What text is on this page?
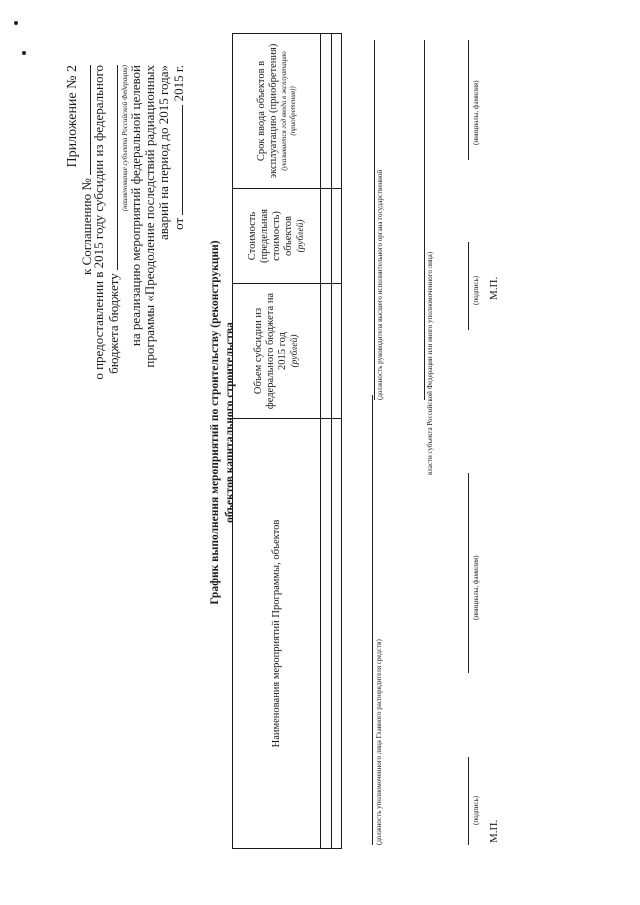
Приложение № 2
к Соглашению №
о предоставлении в 2015 году субсидии из федерального бюджета бюджету
(наименование субъекта Российской Федерации) на реализацию мероприятий федеральной целевой программы «Преодоление последствий радиационных аварий на период до 2015 года» от  2015 г.
График выполнения мероприятий по строительству (реконструкции) объектов капитального строительства
Наименования мероприятий Программы, объектов	Объем субсидии из федерального бюджета на 2015 год (рублей)	Стоимость (предельная стоимость) объектов (рублей)	Срок ввода объектов в эксплуатацию (приобретения) (указывается год ввода в эксплуатацию (приобретения))

(должность уполномоченного лица Главного распорядителя средств)	(подпись)
(инициалы, фамилия)
М.П.
(должность руководителя высшего исполнительного органа государственной	власти субъекта Российской Федерации или иного уполномоченного лица)	(подпись)
(инициалы, фамилия)
М.П.
